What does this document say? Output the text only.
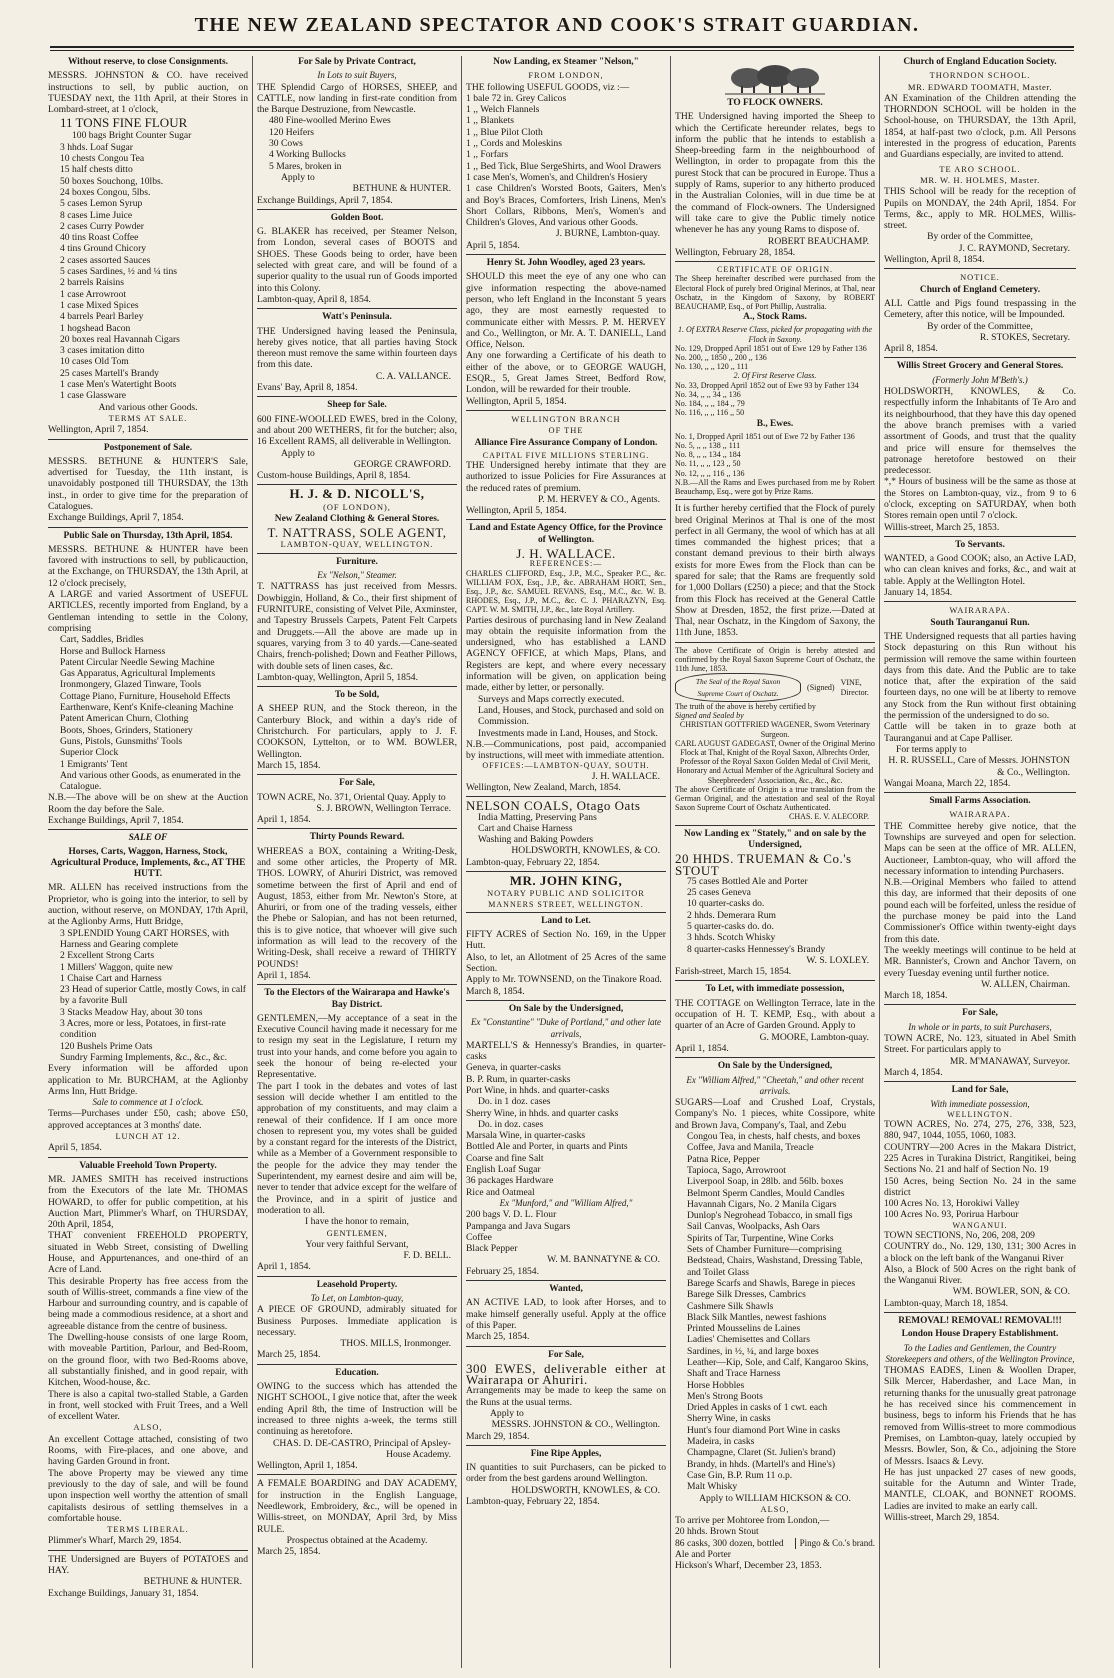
THE NEW ZEALAND SPECTATOR AND COOK'S STRAIT GUARDIAN.
Without reserve, to close Consignments.
MESSRS. JOHNSTON & CO. have received instructions to sell, by public auction, on TUESDAY next, the 11th April, at their Stores in Lombard-street, at 1 o'clock,
11 TONS FINE FLOUR
100 bags Bright Counter Sugar
3 hhds. Loaf Sugar
10 chests Congou Tea
15 half chests ditto
50 boxes Souchong, 10lbs.
24 boxes Congou, 5lbs.
5 cases Lemon Syrup
8 cases Lime Juice
2 cases Curry Powder
40 tins Roast Coffee
4 tins Ground Chicory
2 cases assorted Sauces
5 cases Sardines, ½ and ¼ tins
2 barrels Raisins
1 case Arrowroot
1 case Mixed Spices
4 barrels Pearl Barley
1 hogshead Bacon
20 boxes real Havannah Cigars
3 cases imitation ditto
10 cases Old Tom
25 cases Martell's Brandy
1 case Men's Watertight Boots
1 case Glassware
And various other Goods.
TERMS AT SALE.
Wellington, April 7, 1854.
Postponement of Sale.
MESSRS. BETHUNE & HUNTER'S Sale, advertised for Tuesday, the 11th instant, is unavoidably postponed till THURSDAY, the 13th inst., in order to give time for the preparation of Catalogues.
Exchange Buildings, April 7, 1854.
Public Sale on Thursday, 13th April, 1854.
MESSRS. BETHUNE & HUNTER have been favored with instructions to sell, by publicauction, at the Exchange, on THURSDAY, the 13th April, at 12 o'clock precisely,
A LARGE and varied Assortment of USEFUL ARTICLES, recently imported from England, by a Gentleman intending to settle in the Colony, comprising
Cart, Saddles, Bridles
Horse and Bullock Harness
Patent Circular Needle Sewing Machine
Gas Apparatus, Agricultural Implements
Ironmongery, Glazed Tinware, Tools
Cottage Piano, Furniture, Household Effects
Earthenware, Kent's Knife-cleaning Machine
Patent American Churn, Clothing
Boots, Shoes, Grinders, Stationery
Guns, Pistols, Gunsmiths' Tools
Superior Clock
1 Emigrants' Tent
And various other Goods, as enumerated in the Catalogue.
N.B.—The above will be on shew at the Auction Room the day before the Sale.
Exchange Buildings, April 7, 1854.
SALE OF
Horses, Carts, Waggon, Harness, Stock, Agricultural Produce, Implements, &c., AT THE HUTT.
MR. ALLEN has received instructions from the Proprietor, who is going into the interior, to sell by auction, without reserve, on MONDAY, 17th April, at the Aglionby Arms, Hutt Bridge,
3 SPLENDID Young CART HORSES, with Harness and Gearing complete
2 Excellent Strong Carts
1 Millers' Waggon, quite new
1 Chaise Cart and Harness
23 Head of superior Cattle, mostly Cows, in calf by a favorite Bull
3 Stacks Meadow Hay, about 30 tons
3 Acres, more or less, Potatoes, in first-rate condition
120 Bushels Prime Oats
Sundry Farming Implements, &c., &c., &c.
Every information will be afforded upon application to Mr. BURCHAM, at the Aglionby Arms Inn, Hutt Bridge.
Sale to commence at 1 o'clock.
Terms—Purchases under £50, cash; above £50, approved acceptances at 3 months' date.
LUNCH AT 12.
April 5, 1854.
Valuable Freehold Town Property.
MR. JAMES SMITH has received instructions from the Executors of the late Mr. THOMAS HOWARD, to offer for public competition, at his Auction Mart, Plimmer's Wharf, on THURSDAY, 20th April, 1854,
THAT convenient FREEHOLD PROPERTY, situated in Webb Street, consisting of Dwelling House, and Appurtenances, and one-third of an Acre of Land.
This desirable Property has free access from the south of Willis-street, commands a fine view of the Harbour and surrounding country, and is capable of being made a commodious residence, at a short and agreeable distance from the centre of business.
The Dwelling-house consists of one large Room, with moveable Partition, Parlour, and Bed-Room, on the ground floor, with two Bed-Rooms above, all substantially finished, and in good repair, with Kitchen, Wood-house, &c.
There is also a capital two-stalled Stable, a Garden in front, well stocked with Fruit Trees, and a Well of excellent Water.
ALSO,
An excellent Cottage attached, consisting of two Rooms, with Fire-places, and one above, and having Garden Ground in front.
The above Property may be viewed any time previously to the day of sale, and will be found upon inspection well worthy the attention of small capitalists desirous of settling themselves in a comfortable house.
TERMS LIBERAL.
Plimmer's Wharf, March 29, 1854.
THE Undersigned are Buyers of POTATOES and HAY.
BETHUNE & HUNTER.
Exchange Buildings, January 31, 1854.
For Sale by Private Contract,
In Lots to suit Buyers,
THE Splendid Cargo of HORSES, SHEEP, and CATTLE, now landing in first-rate condition from the Barque Destruzione, from Newcastle.
480 Fine-woolled Merino Ewes
120 Heifers
30 Cows
4 Working Bullocks
5 Mares, broken in
Apply to
BETHUNE & HUNTER.
Exchange Buildings, April 7, 1854.
Golden Boot.
G. BLAKER has received, per Steamer Nelson, from London, several cases of BOOTS and SHOES. These Goods being to order, have been selected with great care, and will be found of a superior quality to the usual run of Goods imported into this Colony.
Lambton-quay, April 8, 1854.
Watt's Peninsula.
THE Undersigned having leased the Peninsula, hereby gives notice, that all parties having Stock thereon must remove the same within fourteen days from this date.
C. A. VALLANCE.
Evans' Bay, April 8, 1854.
Sheep for Sale.
600 FINE-WOOLLED EWES, bred in the Colony, and about 200 WETHERS, fit for the butcher; also, 16 Excellent RAMS, all deliverable in Wellington.
Apply to
GEORGE CRAWFORD.
Custom-house Buildings, April 8, 1854.
H. J. & D. NICOLL'S,
(OF LONDON),
New Zealand Clothing & General Stores.
T. NATTRASS, SOLE AGENT,
LAMBTON-QUAY, WELLINGTON.
Furniture.
Ex "Nelson," Steamer.
T. NATTRASS has just received from Messrs. Dowbiggin, Holland, & Co., their first shipment of FURNITURE, consisting of Velvet Pile, Axminster, and Tapestry Brussels Carpets, Patent Felt Carpets and Druggets.—All the above are made up in squares, varying from 3 to 40 yards.—Cane-seated Chairs, french-polished; Down and Feather Pillows, with double sets of linen cases, &c.
Lambton-quay, Wellington, April 5, 1854.
To be Sold,
A SHEEP RUN, and the Stock thereon, in the Canterbury Block, and within a day's ride of Christchurch. For particulars, apply to J. F. COOKSON, Lyttelton, or to WM. BOWLER, Wellington.
March 15, 1854.
For Sale,
TOWN ACRE, No. 371, Oriental Quay. Apply to
S. J. BROWN, Wellington Terrace.
April 1, 1854.
Thirty Pounds Reward.
WHEREAS a BOX, containing a Writing-Desk, and some other articles, the Property of MR. THOS. LOWRY, of Ahuriri District, was removed sometime between the first of April and end of August, 1853, either from Mr. Newton's Store, at Ahuriri, or from one of the trading vessels, either the Phebe or Salopian, and has not been returned, this is to give notice, that whoever will give such information as will lead to the recovery of the Writing-Desk, shall receive a reward of THIRTY POUNDS!
April 1, 1854.
To the Electors of the Wairarapa and Hawke's Bay District.
GENTLEMEN,—My acceptance of a seat in the Executive Council having made it necessary for me to resign my seat in the Legislature, I return my trust into your hands, and come before you again to seek the honour of being re-elected your Representative.
The part I took in the debates and votes of last session will decide whether I am entitled to the approbation of my constituents, and may claim a renewal of their confidence. If I am once more chosen to represent you, my votes shall be guided by a constant regard for the interests of the District, while as a Member of a Government responsible to the people for the advice they may tender the Superintendent, my earnest desire and aim will be, never to tender that advice except for the welfare of the Province, and in a spirit of justice and moderation to all.
I have the honor to remain,
GENTLEMEN,
Your very faithful Servant,
F. D. BELL.
April 1, 1854.
Leasehold Property.
To Let, on Lambton-quay,
A PIECE OF GROUND, admirably situated for Business Purposes. Immediate application is necessary.
THOS. MILLS, Ironmonger.
March 25, 1854.
Education.
OWING to the success which has attended the NIGHT SCHOOL, I give notice that, after the week ending April 8th, the time of Instruction will be increased to three nights a-week, the terms still continuing as heretofore.
CHAS. D. DE-CASTRO, Principal of Apsley-House Academy.
Wellington, April 1, 1854.
A FEMALE BOARDING and DAY ACADEMY, for instruction in the English Language, Needlework, Embroidery, &c., will be opened in Willis-street, on MONDAY, April 3rd, by Miss RULE.
Prospectus obtained at the Academy.
March 25, 1854.
Now Landing, ex Steamer "Nelson,"
FROM LONDON,
THE following USEFUL GOODS, viz :—
1 bale 72 in. Grey Calicos
1 ,, Welch Flannels
1 ,, Blankets
1 ,, Blue Pilot Cloth
1 ,, Cords and Moleskins
1 ,, Forfars
1 ,, Bed Tick, Blue SergeShirts, and Wool Drawers
1 case Men's, Women's, and Children's Hosiery
1 case Children's Worsted Boots, Gaiters, Men's and Boy's Braces, Comforters, Irish Linens, Men's Short Collars, Ribbons, Men's, Women's and Children's Gloves, And various other Goods.
J. BURNE, Lambton-quay.
April 5, 1854.
Henry St. John Woodley, aged 23 years.
SHOULD this meet the eye of any one who can give information respecting the above-named person, who left England in the Inconstant 5 years ago, they are most earnestly requested to communicate either with Messrs. P. M. HERVEY and Co., Wellington, or Mr. A. T. DANIELL, Land Office, Nelson.
Any one forwarding a Certificate of his death to either of the above, or to GEORGE WAUGH, ESQR., 5, Great James Street, Bedford Row, London, will be rewarded for their trouble.
Wellington, April 5, 1854.
WELLINGTON BRANCH
OF THE
Alliance Fire Assurance Company of London.
CAPITAL FIVE MILLIONS STERLING.
THE Undersigned hereby intimate that they are authorized to issue Policies for Fire Assurances at the reduced rates of premium.
P. M. HERVEY & CO., Agents.
Wellington, April 5, 1854.
Land and Estate Agency Office, for the Province of Wellington.
J. H. WALLACE.
REFERENCES:—
CHARLES CLIFFORD, Esq., J.P., M.C., Speaker P.C., &c. WILLIAM FOX, Esq., J.P., &c. ABRAHAM HORT, Sen., Esq., J.P., &c. SAMUEL REVANS, Esq., M.C., &c. W. B. RHODES, Esq., J.P., M.C., &c. C. J. PHARAZYN, Esq. CAPT. W. M. SMITH, J.P., &c., late Royal Artillery.
Parties desirous of purchasing land in New Zealand may obtain the requisite information from the undersigned, who has established a LAND AGENCY OFFICE, at which Maps, Plans, and Registers are kept, and where every necessary information will be given, on application being made, either by letter, or personally.
Surveys and Maps correctly executed.
Land, Houses, and Stock, purchased and sold on Commission.
Investments made in Land, Houses, and Stock.
N.B.—Communications, post paid, accompanied by instructions, will meet with immediate attention.
OFFICES:—LAMBTON-QUAY, SOUTH.
J. H. WALLACE.
Wellington, New Zealand, March, 1854.
NELSON COALS, Otago Oats
India Matting, Preserving Pans
Cart and Chaise Harness
Washing and Baking Powders
HOLDSWORTH, KNOWLES, & CO.
Lambton-quay, February 22, 1854.
MR. JOHN KING,
NOTARY PUBLIC AND SOLICITOR
MANNERS STREET, WELLINGTON.
Land to Let.
FIFTY ACRES of Section No. 169, in the Upper Hutt.
Also, to let, an Allotment of 25 Acres of the same Section.
Apply to Mr. TOWNSEND, on the Tinakore Road.
March 8, 1854.
On Sale by the Undersigned,
Ex "Constantine" "Duke of Portland," and other late arrivals,
MARTELL'S & Hennessy's Brandies, in quarter-casks
Geneva, in quarter-casks
B. P. Rum, in quarter-casks
Port Wine, in hhds. and quarter-casks
Do. in 1 doz. cases
Sherry Wine, in hhds. and quarter casks
Do. in doz. cases
Marsala Wine, in quarter-casks
Bottled Ale and Porter, in quarts and Pints
Coarse and fine Salt
English Loaf Sugar
36 packages Hardware
Rice and Oatmeal
Ex "Munford," and "William Alfred,"
200 bags V. D. L. Flour
Pampanga and Java Sugars
Coffee
Black Pepper
W. M. BANNATYNE & CO.
February 25, 1854.
Wanted,
AN ACTIVE LAD, to look after Horses, and to make himself generally useful. Apply at the office of this Paper.
March 25, 1854.
For Sale,
300 EWES, deliverable either at Wairarapa or Ahuriri.
Arrangements may be made to keep the same on the Runs at the usual terms.
Apply to
MESSRS. JOHNSTON & CO., Wellington.
March 29, 1854.
Fine Ripe Apples,
IN quantities to suit Purchasers, can be picked to order from the best gardens around Wellington.
HOLDSWORTH, KNOWLES, & CO.
Lambton-quay, February 22, 1854.
TO FLOCK OWNERS.
THE Undersigned having imported the Sheep to which the Certificate hereunder relates, begs to inform the public that he intends to establish a Sheep-breeding farm in the neighbourhood of Wellington, in order to propagate from this the purest Stock that can be procured in Europe. Thus a supply of Rams, superior to any hitherto produced in the Australian Colonies, will in due time be at the command of Flock-owners. The Undersigned will take care to give the Public timely notice whenever he has any young Rams to dispose of.
ROBERT BEAUCHAMP.
Wellington, February 28, 1854.
CERTIFICATE OF ORIGIN.
The Sheep hereinafter described were purchased from the Electoral Flock of purely bred Original Merinos, at Thal, near Oschatz, in the Kingdom of Saxony, by ROBERT BEAUCHAMP, Esq., of Port Phillip, Australia.
A., Stock Rams.
1. Of EXTRA Reserve Class, picked for propagating with the Flock in Saxony.
No. 129, Dropped April 1851 out of Ewe 129 by Father 136
No. 200, ,, 1850 ,, 200 ,, 136
No. 130, ,, ,, 120 ,, 111
2. Of First Reserve Class.
No. 33, Dropped April 1852 out of Ewe 93 by Father 134
No. 34, ,, ,, 34 ,, 136
No. 184, ,, ,, 184 ,, 79
No. 116, ,, ,, 116 ,, 50
B., Ewes.
No. 1, Dropped April 1851 out of Ewe 72 by Father 136
No. 5, ,, ,, 138 ,, 111
No. 8, ,, ,, 134 ,, 184
No. 11, ,, ,, 123 ,, 50
No. 12, ,, ,, 116 ,, 136
N.B.—All the Rams and Ewes purchased from me by Robert Beauchamp, Esq., were got by Prize Rams.
It is further hereby certified that the Flock of purely bred Original Merinos at Thal is one of the most perfect in all Germany, the wool of which has at all times commanded the highest prices; that a constant demand previous to their birth always exists for more Ewes from the Flock than can be spared for sale; that the Rams are frequently sold for 1,000 Dollars (£250) a piece; and that the Stock from this Flock has received at the General Cattle Show at Dresden, 1852, the first prize.—Dated at Thal, near Oschatz, in the Kingdom of Saxony, the 11th June, 1853.
The above Certificate of Origin is hereby attested and confirmed by the Royal Saxon Supreme Court of Oschatz, the 11th June, 1853.
The Seal of the Royal Saxon Supreme Court of Oschatz.
(Signed)
VINE, Director.
The truth of the above is hereby certified by
Signed and Sealed by
CHRISTIAN GOTTFRIED WAGENER, Sworn Veterinary Surgeon.
CARL AUGUST GADEGAST, Owner of the Original Merino Flock at Thal, Knight of the Royal Saxon, Albrechts Order, Professor of the Royal Saxon Golden Medal of Civil Merit, Honorary and Actual Member of the Agricultural Society and Sheepbreeders' Association, &c., &c., &c.
The above Certificate of Origin is a true translation from the German Original, and the attestation and seal of the Royal Saxon Supreme Court of Oschatz Authenticated.
CHAS. E. V. ALECORP.
Now Landing ex "Stately," and on sale by the Undersigned,
20 HHDS. TRUEMAN & Co.'s STOUT
75 cases Bottled Ale and Porter
25 cases Geneva
10 quarter-casks do.
2 hhds. Demerara Rum
5 quarter-casks do. do.
3 hhds. Scotch Whisky
8 quarter-casks Hennessey's Brandy
W. S. LOXLEY.
Farish-street, March 15, 1854.
To Let, with immediate possession,
THE COTTAGE on Wellington Terrace, late in the occupation of H. T. KEMP, Esq., with about a quarter of an Acre of Garden Ground. Apply to
G. MOORE, Lambton-quay.
April 1, 1854.
On Sale by the Undersigned,
Ex "William Alfred," "Cheetah," and other recent arrivals.
SUGARS—Loaf and Crushed Loaf, Crystals, Company's No. 1 pieces, white Cossipore, white and Brown Java, Company's, Taal, and Zebu
Congou Tea, in chests, half chests, and boxes
Coffee, Java and Manila, Treacle
Patna Rice, Pepper
Tapioca, Sago, Arrowroot
Liverpool Soap, in 28lb. and 56lb. boxes
Belmont Sperm Candles, Mould Candles
Havannah Cigars, No. 2 Manila Cigars
Dunlop's Negrohead Tobacco, in small figs
Sail Canvas, Woolpacks, Ash Oars
Spirits of Tar, Turpentine, Wine Corks
Sets of Chamber Furniture—comprising Bedstead, Chairs, Washstand, Dressing Table, and Toilet Glass
Barege Scarfs and Shawls, Barege in pieces
Barege Silk Dresses, Cambrics
Cashmere Silk Shawls
Black Silk Mantles, newest fashions
Printed Mousselins de Laines
Ladies' Chemisettes and Collars
Sardines, in ½, ¼, and large boxes
Leather—Kip, Sole, and Calf, Kangaroo Skins, Shaft and Trace Harness
Horse Hobbles
Men's Strong Boots
Dried Apples in casks of 1 cwt. each
Sherry Wine, in casks
Hunt's four diamond Port Wine in casks
Madeira, in casks
Champagne, Claret (St. Julien's brand)
Brandy, in hhds. (Martell's and Hine's)
Case Gin, B.P. Rum 11 o.p.
Malt Whisky
Apply to WILLIAM HICKSON & CO.
ALSO,
To arrive per Mohtoree from London,—
20 hhds. Brown Stout
86 casks, 300 dozen, bottled Ale and Porter
Pingo & Co.'s brand.
Hickson's Wharf, December 23, 1853.
Church of England Education Society.
THORNDON SCHOOL.
MR. EDWARD TOOMATH, Master.
AN Examination of the Children attending the THORNDON SCHOOL will be holden in the School-house, on THURSDAY, the 13th April, 1854, at half-past two o'clock, p.m. All Persons interested in the progress of education, Parents and Guardians especially, are invited to attend.
TE ARO SCHOOL.
MR. W. H. HOLMES, Master.
THIS School will be ready for the reception of Pupils on MONDAY, the 24th April, 1854. For Terms, &c., apply to MR. HOLMES, Willis-street.
By order of the Committee,
J. C. RAYMOND, Secretary.
Wellington, April 8, 1854.
NOTICE.
Church of England Cemetery.
ALL Cattle and Pigs found trespassing in the Cemetery, after this notice, will be Impounded.
By order of the Committee,
R. STOKES, Secretary.
April 8, 1854.
Willis Street Grocery and General Stores.
(Formerly John M'Beth's.)
HOLDSWORTH, KNOWLES, & Co. respectfully inform the Inhabitants of Te Aro and its neighbourhood, that they have this day opened the above branch premises with a varied assortment of Goods, and trust that the quality and price will ensure for themselves the patronage heretofore bestowed on their predecessor.
*,* Hours of business will be the same as those at the Stores on Lambton-quay, viz., from 9 to 6 o'clock, excepting on SATURDAY, when both Stores remain open until 7 o'clock.
Willis-street, March 25, 1853.
To Servants.
WANTED, a Good COOK; also, an Active LAD, who can clean knives and forks, &c., and wait at table. Apply at the Wellington Hotel.
January 14, 1854.
WAIRARAPA.
South Tauranganui Run.
THE Undersigned requests that all parties having Stock depasturing on this Run without his permission will remove the same within fourteen days from this date. And the Public are to take notice that, after the expiration of the said fourteen days, no one will be at liberty to remove any Stock from the Run without first obtaining the permission of the undersigned to do so.
Cattle will be taken in to graze both at Tauranganui and at Cape Palliser.
For terms apply to
H. R. RUSSELL, Care of Messrs. JOHNSTON & Co., Wellington.
Wangai Moana, March 22, 1854.
Small Farms Association.
WAIRARAPA.
THE Committee hereby give notice, that the Townships are surveyed and open for selection. Maps can be seen at the office of MR. ALLEN, Auctioneer, Lambton-quay, who will afford the necessary information to intending Purchasers.
N.B.—Original Members who failed to attend this day, are informed that their deposits of one pound each will be forfeited, unless the residue of the purchase money be paid into the Land Commissioner's Office within twenty-eight days from this date.
The weekly meetings will continue to be held at MR. Bannister's, Crown and Anchor Tavern, on every Tuesday evening until further notice.
W. ALLEN, Chairman.
March 18, 1854.
For Sale,
In whole or in parts, to suit Purchasers,
TOWN ACRE, No. 123, situated in Abel Smith Street. For particulars apply to
MR. M'MANAWAY, Surveyor.
March 4, 1854.
Land for Sale,
With immediate possession,
WELLINGTON.
TOWN ACRES, No. 274, 275, 276, 338, 523, 880, 947, 1044, 1055, 1060, 1083.
COUNTRY—200 Acres in the Makara District, 225 Acres in Turakina District, Rangitikei, being Sections No. 21 and half of Section No. 19
150 Acres, being Section No. 24 in the same district
100 Acres No. 13, Horokiwi Valley
100 Acres No. 93, Porirua Harbour
WANGANUI.
TOWN SECTIONS, No, 206, 208, 209
COUNTRY do., No. 129, 130, 131; 300 Acres in a block on the left bank of the Wanganui River
Also, a Block of 500 Acres on the right bank of the Wanganui River.
WM. BOWLER, SON, & CO.
Lambton-quay, March 18, 1854.
REMOVAL! REMOVAL! REMOVAL!!!
London House Drapery Establishment.
To the Ladies and Gentlemen, the Country Storekeepers and others, of the Wellington Province,
THOMAS EADES, Linen & Woollen Draper, Silk Mercer, Haberdasher, and Lace Man, in returning thanks for the unusually great patronage he has received since his commencement in business, begs to inform his Friends that he has removed from Willis-street to more commodious Premises, on Lambton-quay, lately occupied by Messrs. Bowler, Son, & Co., adjoining the Store of Messrs. Isaacs & Levy.
He has just unpacked 27 cases of new goods, suitable for the Autumn and Winter Trade, MANTLE, CLOAK, and BONNET ROOMS. Ladies are invited to make an early call.
Willis-street, March 29, 1854.
